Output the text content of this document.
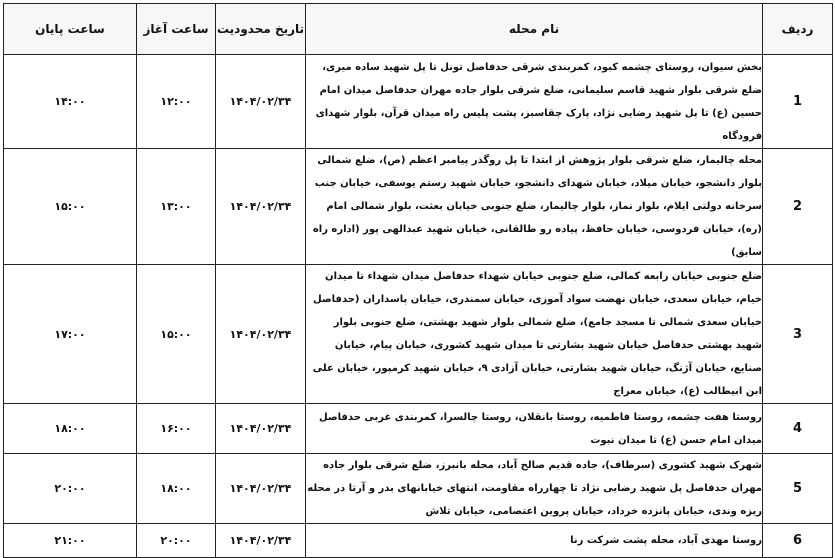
ردیف	نام محله	تاریخ محدودیت	ساعت آغاز	ساعت پایان
1	بخش سیوان، روستای چشمه کبود، کمربندی شرقی حدفاصل تونل تا پل شهید ساده میری، ضلع شرقی بلوار شهید قاسم سلیمانی، ضلع شرقی بلوار جاده مهران حدفاصل میدان امام حسین (ع) تا پل شهید رضایی نژاد، پارک چقاسبز، پشت پلیس راه میدان قرآن، بلوار شهدای فرودگاه	۱۴۰۴/۰۲/۳۴	۱۲:۰۰	۱۴:۰۰
2	محله چالیمار، ضلع شرقی بلوار پژوهش از ابتدا تا پل روگذر پیامبر اعظم (ص)، ضلع شمالی بلوار دانشجو، خیابان میلاد، خیابان شهدای دانشجو، خیابان شهید رستم یوسفی، خیابان جنب سرخانه دولتی ایلام، بلوار نماز، بلوار چالیمار، ضلع جنوبی خیابان بعثت، بلوار شمالی امام (ره)، خیابان فردوسی، خیابان حافظ، پیاده رو طالقانی، خیابان شهید عبدالهی پور (اداره راه سابق)	۱۴۰۴/۰۲/۳۴	۱۳:۰۰	۱۵:۰۰
3	ضلع جنوبی خیابان رابعه کمالی، ضلع جنوبی خیابان شهداء حدفاصل میدان شهداء تا میدان خیام، خیابان سعدی، خیابان نهضت سواد آموزی، خیابان سمندری، خیابان پاسداران (حدفاصل خیابان سعدی شمالی تا مسجد جامع)، ضلع شمالی بلوار شهید بهشتی، ضلع جنوبی بلوار شهید بهشتی حدفاصل خیابان شهید بشارتی تا میدان شهید کشوری، خیابان پیام، خیابان صنایع، خیابان آژنگ، خیابان شهید بشارتی، خیابان آزادی ۹، خیابان شهید کرمپور، خیابان علی ابن ابیطالب (ع)، خیابان معراج	۱۴۰۴/۰۲/۳۴	۱۵:۰۰	۱۷:۰۰
4	روستا هفت چشمه، روستا فاطمیه، روستا بانقلان، روستا چالسرا، کمربندی غربی حدفاصل میدان امام حسن (ع) تا میدان نبوت	۱۴۰۴/۰۲/۳۴	۱۶:۰۰	۱۸:۰۰
5	شهرک شهید کشوری (سرطاف)، جاده قدیم صالح آباد، محله بانبرز، ضلع شرقی بلوار جاده مهران حدفاصل پل شهید رضایی نژاد تا چهارراه مقاومت، انتهای خیابانهای بدر و آرتا در محله ریزه وندی، خیابان پانزده خرداد، خیابان پروین اعتصامی، خیابان تلاش	۱۴۰۴/۰۲/۳۴	۱۸:۰۰	۲۰:۰۰
6	روستا مهدی آباد، محله پشت شرکت رنا	۱۴۰۴/۰۲/۳۴	۲۰:۰۰	۲۱:۰۰
